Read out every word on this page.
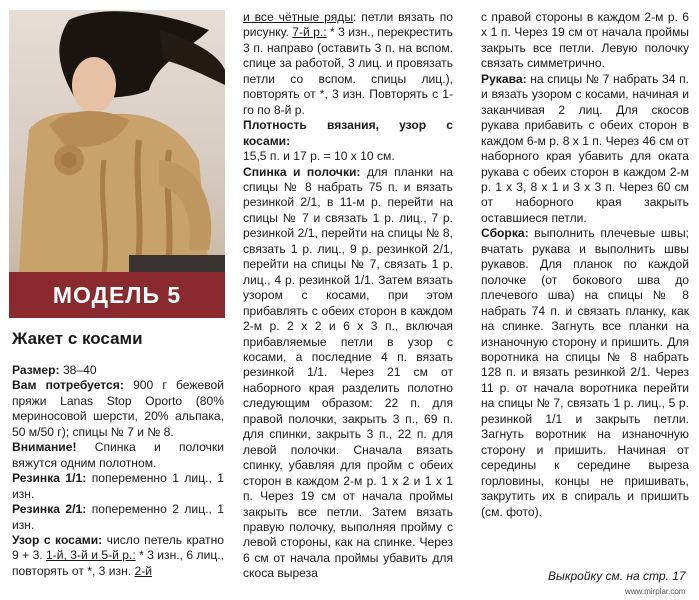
МОДЕЛЬ 5
Жакет с косами

Размер: 38–40

Вам потребуется: 900 г бежевой пряжи Lanas Stop Oporto (80% мериносовой шерсти, 20% альпака, 50 м/50 г); спицы № 7 и № 8.

Внимание! Спинка и полочки вяжутся одним полотном.

Резинка 1/1: попеременно 1 лиц., 1 изн.

Резинка 2/1: попеременно 2 лиц., 1 изн.

Узор с косами: число петель кратно 9 + 3. 1-й, 3-й и 5-й р.: * 3 изн., 6 лиц., повторять от *, 3 изн. 2-й

и все чётные ряды: петли вязать по рисунку. 7-й р.: * 3 изн., перекрестить 3 п. направо (оставить 3 п. на вспом. спице за работой, 3 лиц. и провязать петли со вспом. спицы лиц.), повторять от *, 3 изн. Повторять с 1-го по 8-й р.

Плотность вязания, узор с косами:

15,5 п. и 17 р. = 10 х 10 см.

Спинка и полочки: для планки на спицы № 8 набрать 75 п. и вязать резинкой 2/1, в 11-м р. перейти на спицы № 7 и связать 1 р. лиц., 7 р. резинкой 2/1, перейти на спицы № 8, связать 1 р. лиц., 9 р. резинкой 2/1, перейти на спицы № 7, связать 1 р. лиц., 4 р. резинкой 1/1. Затем вязать узором с косами, при этом прибавлять с обеих сторон в каждом 2-м р. 2 х 2 и 6 х 3 п., включая прибавляемые петли в узор с косами, а последние 4 п. вязать резинкой 1/1. Через 21 см от наборного края разделить полотно следующим образом: 22 п. для правой полочки, закрыть 3 п., 69 п. для спинки, закрыть 3 п., 22 п. для левой полочки. Сначала вязать спинку, убавляя для пройм с обеих сторон в каждом 2-м р. 1 х 2 и 1 х 1 п. Через 19 см от начала проймы закрыть все петли. Затем вязать правую полочку, выполняя пройму с левой стороны, как на спинке. Через 6 см от начала проймы убавить для скоса выреза

с правой стороны в каждом 2-м р. 6 х 1 п. Через 19 см от начала проймы закрыть все петли. Левую полочку связать симметрично.

Рукава: на спицы № 7 набрать 34 п. и вязать узором с косами, начиная и заканчивая 2 лиц. Для скосов рукава прибавить с обеих сторон в каждом 6-м р. 8 х 1 п. Через 46 см от наборного края убавить для оката рукава с обеих сторон в каждом 2-м р. 1 х 3, 8 х 1 и 3 х 3 п. Через 60 см от наборного края закрыть оставшиеся петли.

Сборка: выполнить плечевые швы; вчатать рукава и выполнить швы рукавов. Для планок по каждой полочке (от бокового шва до плечевого шва) на спицы № 8 набрать 74 п. и связать планку, как на спинке. Загнуть все планки на изнаночную сторону и пришить. Для воротника на спицы № 8 набрать 128 п. и вязать резинкой 2/1. Через 11 р. от начала воротника перейти на спицы № 7, связать 1 р. лиц., 5 р. резинкой 1/1 и закрыть петли. Загнуть воротник на изнаночную сторону и пришить. Начиная от середины к середине выреза горловины, концы не пришивать, закрутить их в спираль и пришить (см. фото).

Выкройку см. на стр. 17
www.mirplar.com
